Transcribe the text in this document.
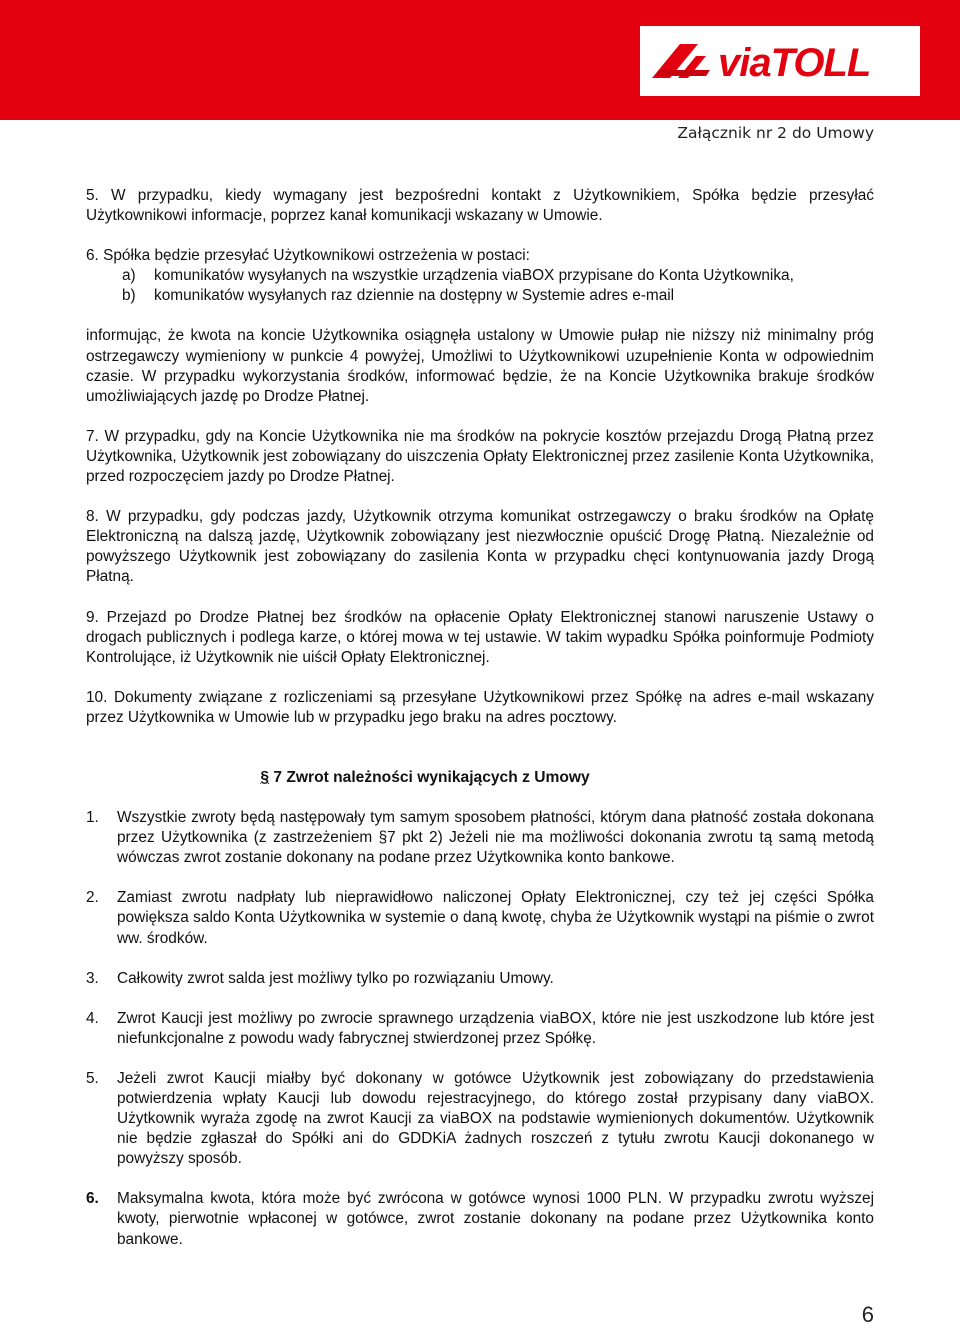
viaTOLL
Załącznik nr 2 do Umowy

5. W przypadku, kiedy wymagany jest bezpośredni kontakt z Użytkownikiem, Spółka będzie przesyłać Użytkownikowi informacje, poprzez kanał komunikacji wskazany w Umowie.

6. Spółka będzie przesyłać Użytkownikowi ostrzeżenia w postaci:

a)	komunikatów wysyłanych na wszystkie urządzenia viaBOX przypisane do Konta Użytkownika,
b)	komunikatów wysyłanych raz dziennie na dostępny w Systemie adres e-mail

informując, że kwota na koncie Użytkownika osiągnęła ustalony w Umowie pułap nie niższy niż minimalny próg ostrzegawczy wymieniony w punkcie 4 powyżej, Umożliwi to Użytkownikowi uzupełnienie Konta w odpowiednim czasie. W przypadku wykorzystania środków, informować będzie, że na Koncie Użytkownika brakuje środków umożliwiających jazdę po Drodze Płatnej.

7. W przypadku, gdy na Koncie Użytkownika nie ma środków na pokrycie kosztów przejazdu Drogą Płatną przez Użytkownika, Użytkownik jest zobowiązany do uiszczenia Opłaty Elektronicznej przez zasilenie Konta Użytkownika, przed rozpoczęciem jazdy po Drodze Płatnej.

8. W przypadku, gdy podczas jazdy, Użytkownik otrzyma komunikat ostrzegawczy o braku środków na Opłatę Elektroniczną na dalszą jazdę, Użytkownik zobowiązany jest niezwłocznie opuścić Drogę Płatną. Niezależnie od powyższego Użytkownik jest zobowiązany do zasilenia Konta w przypadku chęci kontynuowania jazdy Drogą Płatną.

9. Przejazd po Drodze Płatnej bez środków na opłacenie Opłaty Elektronicznej stanowi naruszenie Ustawy o drogach publicznych i podlega karze, o której mowa w tej ustawie. W takim wypadku Spółka poinformuje Podmioty Kontrolujące, iż Użytkownik nie uiścił Opłaty Elektronicznej.

10. Dokumenty związane z rozliczeniami są przesyłane Użytkownikowi przez Spółkę na adres e-mail wskazany przez Użytkownika w Umowie lub w przypadku jego braku na adres pocztowy.

§ 7 Zwrot należności wynikających z Umowy
1.	Wszystkie zwroty będą następowały tym samym sposobem płatności, którym dana płatność została dokonana przez Użytkownika (z zastrzeżeniem §7 pkt 2) Jeżeli nie ma możliwości dokonania zwrotu tą samą metodą wówczas zwrot zostanie dokonany na podane przez Użytkownika konto bankowe.
2.	Zamiast zwrotu nadpłaty lub nieprawidłowo naliczonej Opłaty Elektronicznej, czy też jej części Spółka powiększa saldo Konta Użytkownika w systemie o daną kwotę, chyba że Użytkownik wystąpi na piśmie o zwrot ww. środków.
3.	Całkowity zwrot salda jest możliwy tylko po rozwiązaniu Umowy.
4.	Zwrot Kaucji jest możliwy po zwrocie sprawnego urządzenia viaBOX, które nie jest uszkodzone lub które jest niefunkcjonalne z powodu wady fabrycznej stwierdzonej przez Spółkę.
5.	Jeżeli zwrot Kaucji miałby być dokonany w gotówce Użytkownik jest zobowiązany do przedstawienia potwierdzenia wpłaty Kaucji lub dowodu rejestracyjnego, do którego został przypisany dany viaBOX. Użytkownik wyraża zgodę na zwrot Kaucji za viaBOX na podstawie wymienionych dokumentów. Użytkownik nie będzie zgłaszał do Spółki ani do GDDKiA żadnych roszczeń z tytułu zwrotu Kaucji dokonanego w powyższy sposób.
6.	Maksymalna kwota, która może być zwrócona w gotówce wynosi 1000 PLN. W przypadku zwrotu wyższej kwoty, pierwotnie wpłaconej w gotówce, zwrot zostanie dokonany na podane przez Użytkownika konto bankowe.
6
